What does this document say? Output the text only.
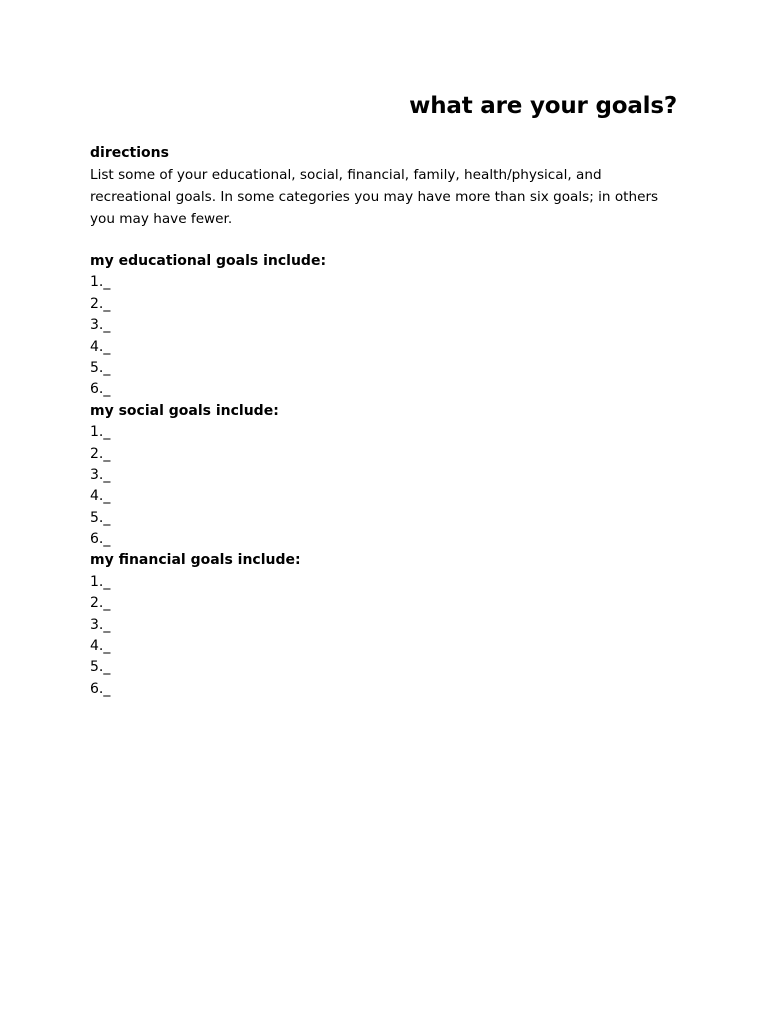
what are your goals?
directions
List some of your educational, social, financial, family, health/physical, and recreational goals. In some categories you may have more than six goals; in others you may have fewer.
my educational goals include:
1._
2._
3._
4._
5._
6._
my social goals include:
1._
2._
3._
4._
5._
6._
my financial goals include:
1._
2._
3._
4._
5._
6._
